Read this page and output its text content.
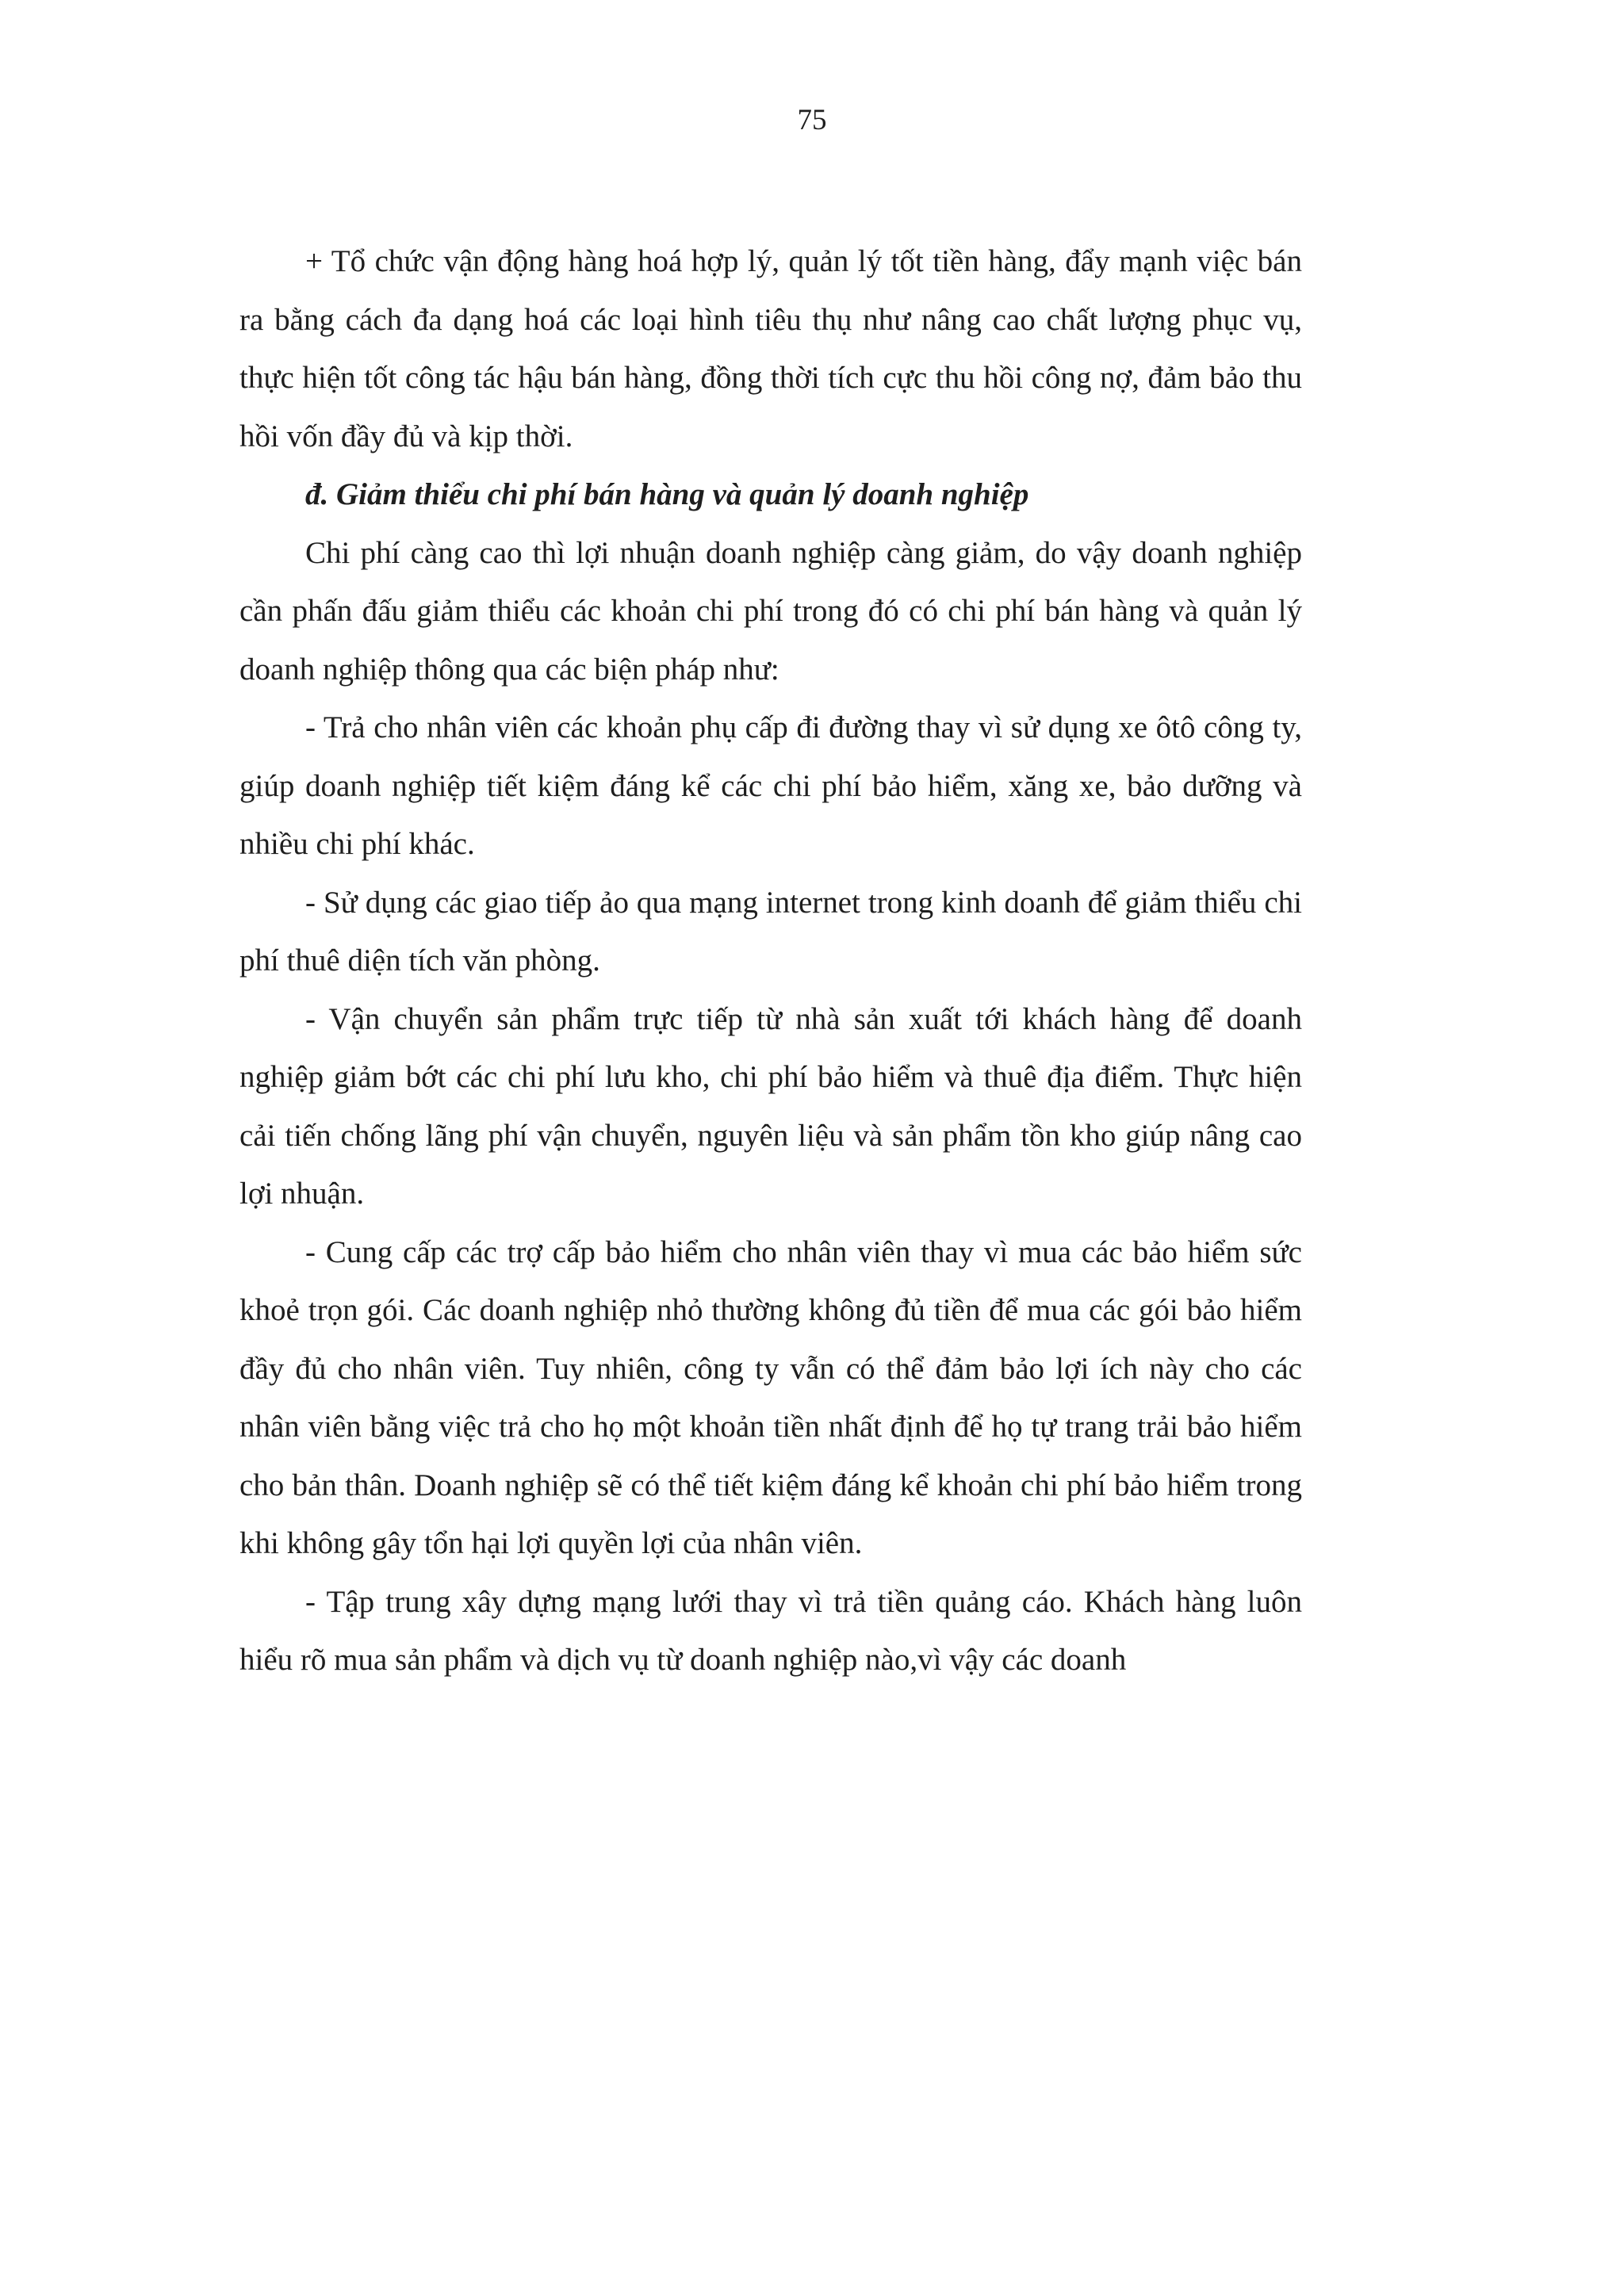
75

+ Tổ chức vận động hàng hoá hợp lý, quản lý tốt tiền hàng, đẩy mạnh việc bán ra bằng cách đa dạng hoá các loại hình tiêu thụ như nâng cao chất lượng phục vụ, thực hiện tốt công tác hậu bán hàng, đồng thời tích cực thu hồi công nợ, đảm bảo thu hồi vốn đầy đủ và kịp thời.

đ. Giảm thiểu chi phí bán hàng và quản lý doanh nghiệp

Chi phí càng cao thì lợi nhuận doanh nghiệp càng giảm, do vậy doanh nghiệp cần phấn đấu giảm thiểu các khoản chi phí trong đó có chi phí bán hàng và quản lý doanh nghiệp thông qua các biện pháp như:

- Trả cho nhân viên các khoản phụ cấp đi đường thay vì sử dụng xe ôtô công ty, giúp doanh nghiệp tiết kiệm đáng kể các chi phí bảo hiểm, xăng xe, bảo dưỡng và nhiều chi phí khác.

- Sử dụng các giao tiếp ảo qua mạng internet trong kinh doanh để giảm thiểu chi phí thuê diện tích văn phòng.

- Vận chuyển sản phẩm trực tiếp từ nhà sản xuất tới khách hàng để doanh nghiệp giảm bớt các chi phí lưu kho, chi phí bảo hiểm và thuê địa điểm. Thực hiện cải tiến chống lãng phí vận chuyển, nguyên liệu và sản phẩm tồn kho giúp nâng cao lợi nhuận.

- Cung cấp các trợ cấp bảo hiểm cho nhân viên thay vì mua các bảo hiểm sức khoẻ trọn gói. Các doanh nghiệp nhỏ thường không đủ tiền để mua các gói bảo hiểm đầy đủ cho nhân viên. Tuy nhiên, công ty vẫn có thể đảm bảo lợi ích này cho các nhân viên bằng việc trả cho họ một khoản tiền nhất định để họ tự trang trải bảo hiểm cho bản thân. Doanh nghiệp sẽ có thể tiết kiệm đáng kể khoản chi phí bảo hiểm trong khi không gây tổn hại lợi quyền lợi của nhân viên.

- Tập trung xây dựng mạng lưới thay vì trả tiền quảng cáo. Khách hàng luôn hiểu rõ mua sản phẩm và dịch vụ từ doanh nghiệp nào,vì vậy các doanh
